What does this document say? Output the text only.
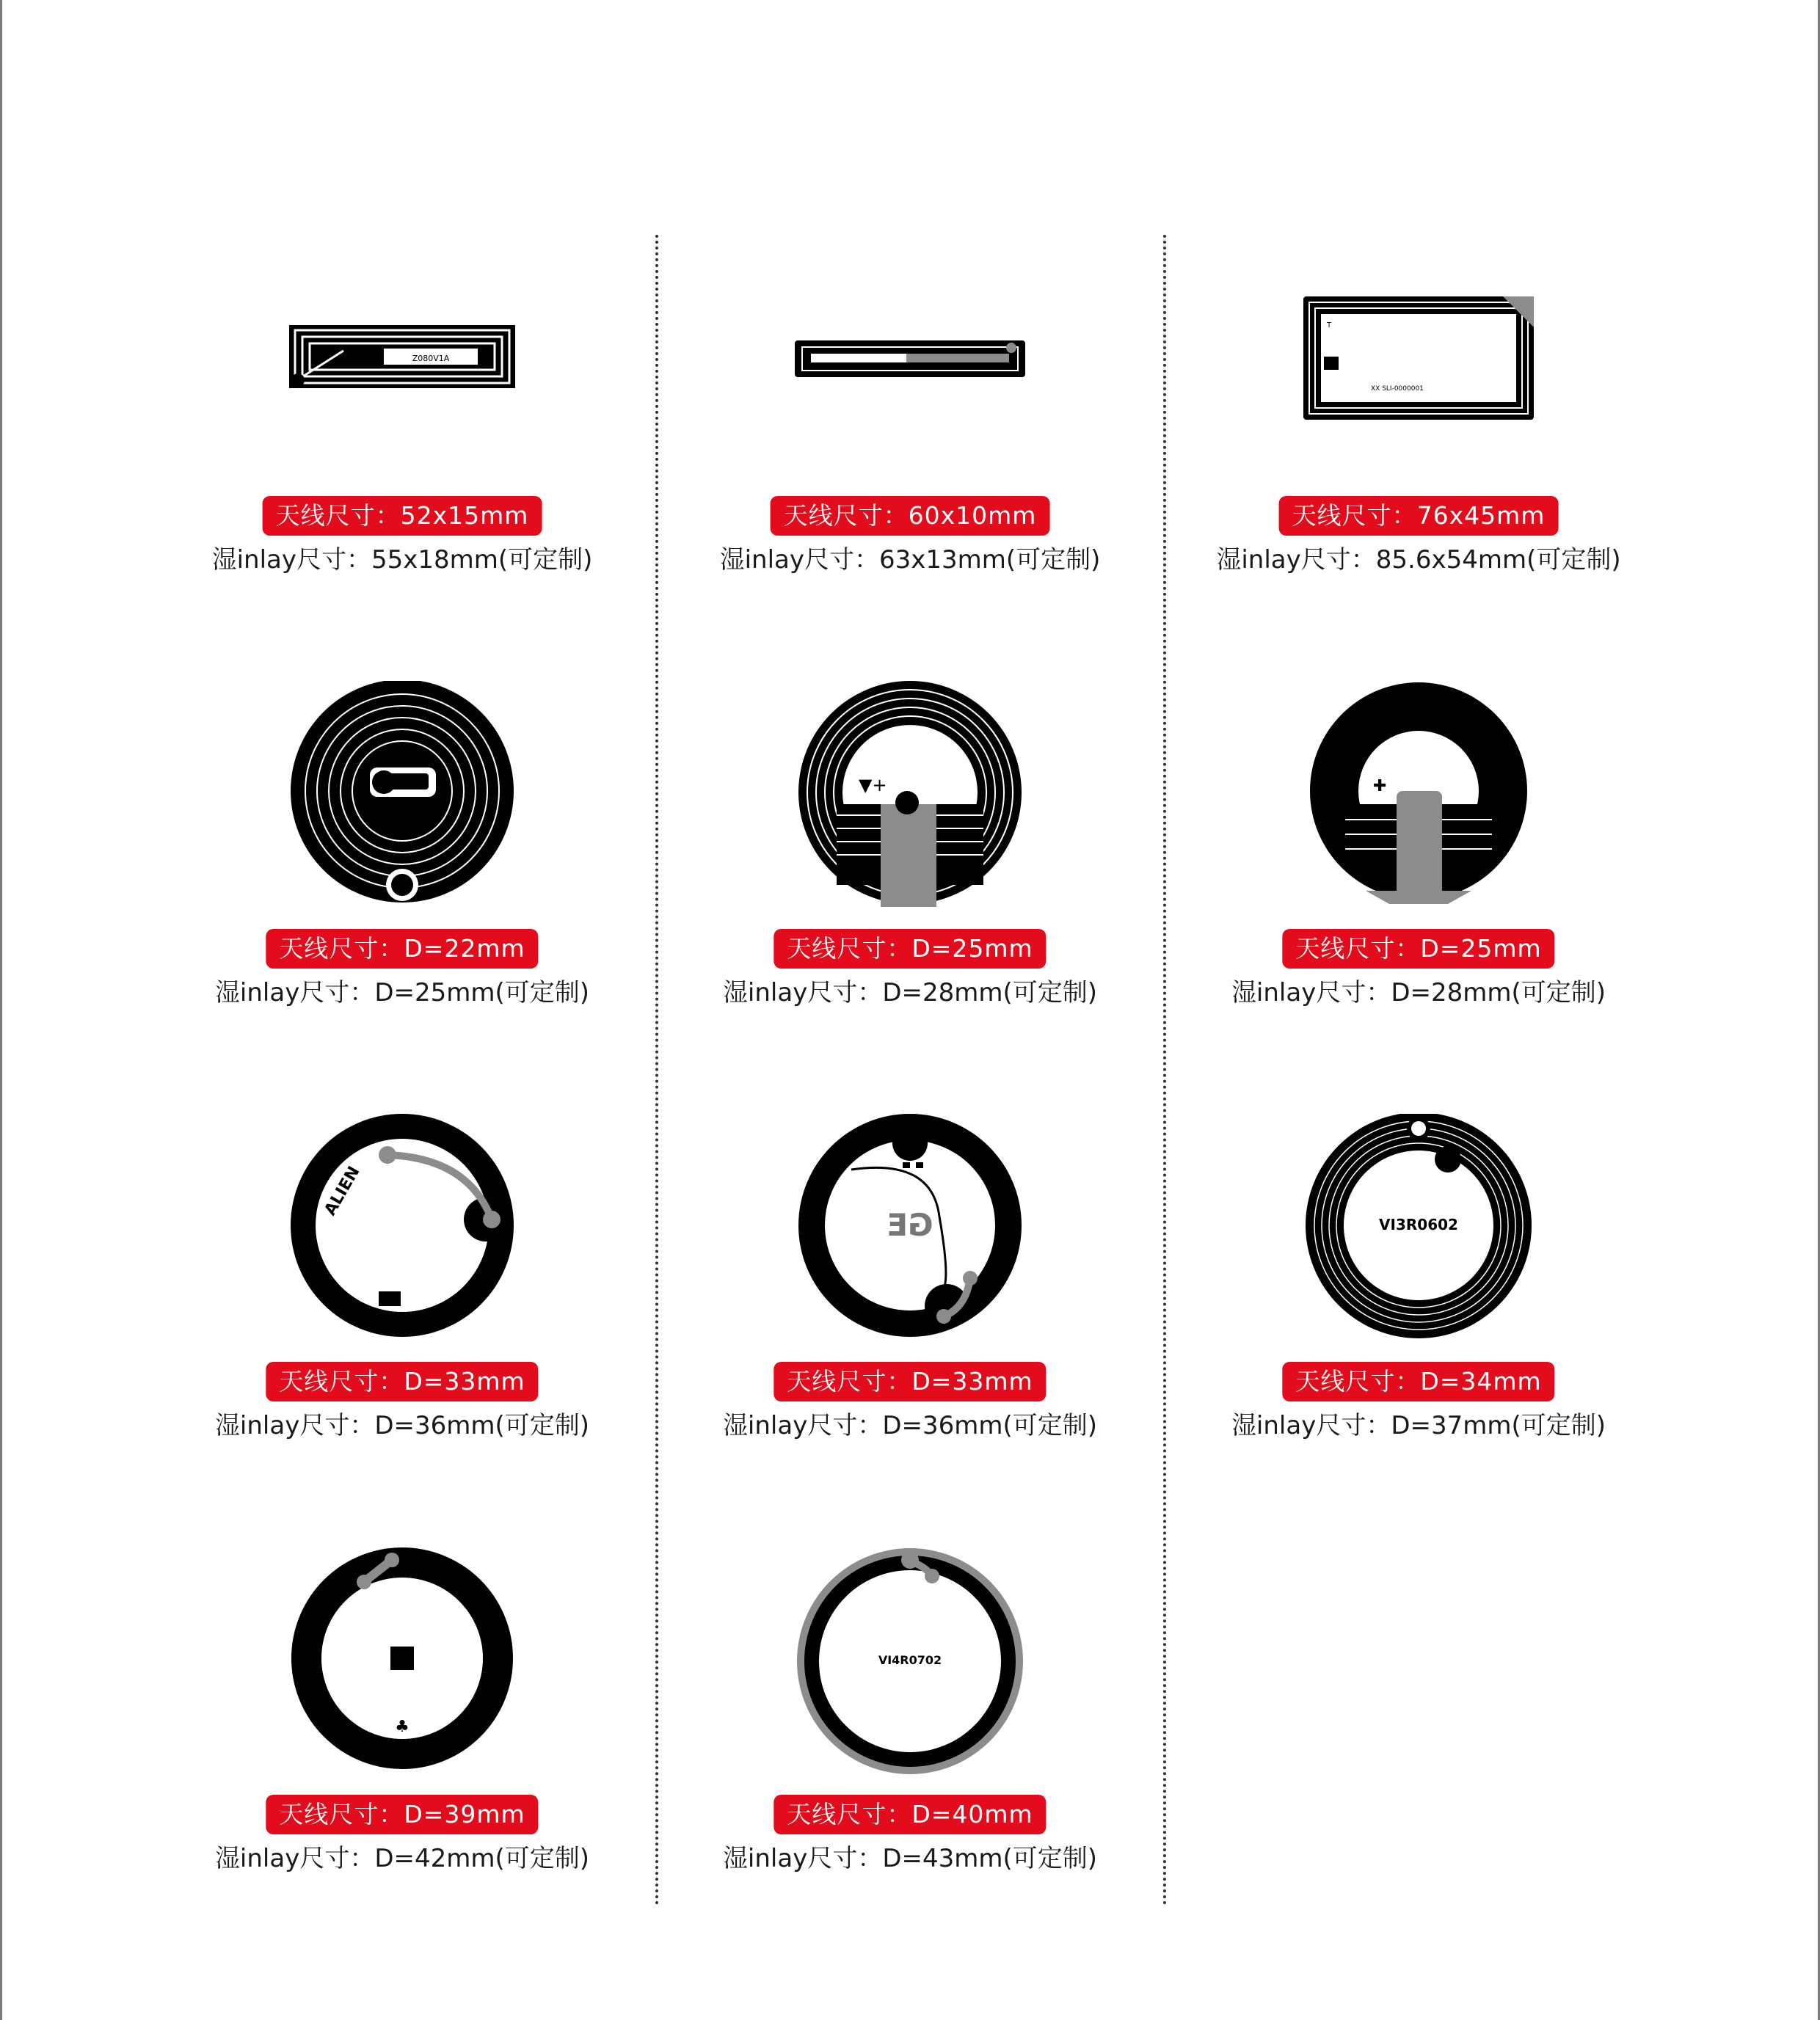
Z080V1A
天线尺寸：52x15mm
湿inlay尺寸：55x18mm(可定制)
天线尺寸：60x10mm
湿inlay尺寸：63x13mm(可定制)
T
XX SLI-0000001
天线尺寸：76x45mm
湿inlay尺寸：85.6x54mm(可定制)
天线尺寸：D=22mm
湿inlay尺寸：D=25mm(可定制)
▼+
天线尺寸：D=25mm
湿inlay尺寸：D=28mm(可定制)
✚
天线尺寸：D=25mm
湿inlay尺寸：D=28mm(可定制)
ALIEN
天线尺寸：D=33mm
湿inlay尺寸：D=36mm(可定制)
GE
天线尺寸：D=33mm
湿inlay尺寸：D=36mm(可定制)
VI3R0602
天线尺寸：D=34mm
湿inlay尺寸：D=37mm(可定制)
♣
天线尺寸：D=39mm
湿inlay尺寸：D=42mm(可定制)
VI4R0702
天线尺寸：D=40mm
湿inlay尺寸：D=43mm(可定制)
